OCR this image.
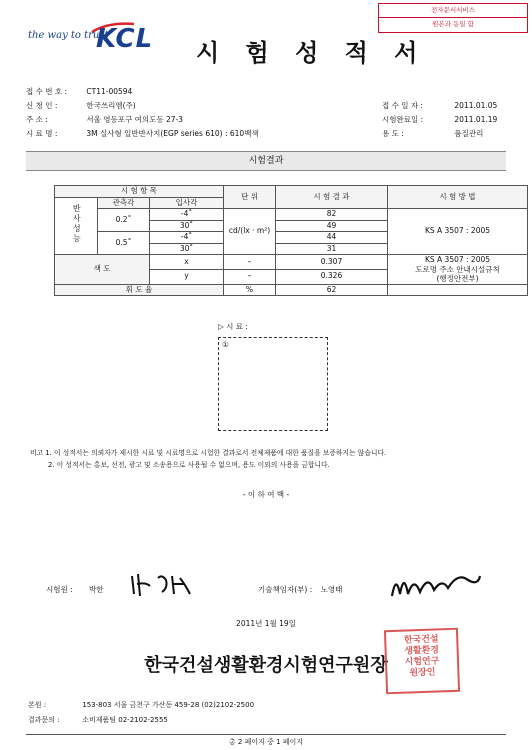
전자문서서비스
원본과 동일 함
the way to trust
KCL 시 험 성 적 서
접 수 번 호 :	CT11-00594
신 청 인 :	한국쓰리엠(주)
주 소 :	서울 영등포구 여의도동 27-3
시 료 명 :	3M 실사형 일반반사지(EGP series 610) : 610백색
접 수 일 자 :	2011.01.05
시험완료일 :	2011.01.19
용 도 :	품질관리
시험결과
시 험 항 목			단 위	시 험 결 과	시 험 방 법
반사성능	관측각	입사각			
	0.2˚	-4˚	cd/(lx · m²)	82	KS A 3507 : 2005
		30˚		49	
	0.5˚	-4˚		44	
		30˚		31	
색 도		x	–	0.307	KS A 3507 : 2005
도로명 주소 안내시설규칙
(행정안전부)

		y	–	0.326	
휘 도 율			%	62	
▷ 시 료 :
①
비고 1. 이 성적서는 의뢰자가 제시한 시료 및 시료명으로 시험한 결과로서 전체제품에 대한 품질을 보증하지는 않습니다.
2. 이 성적서는 홍보, 선전, 광고 및 소송용으로 사용될 수 없으며, 용도 이외의 사용을 금합니다.
- 이 하 여 백 -
시험원 : 박한	기술책임자(부) : 노영태
2011년 1월 19일
한국건설생활환경시험연구원장
한국건설
생활환경
시험연구
원장인
본원 :	153-803 서울 금천구 가산동 459-28 (02)2102-2500
결과문의 :	소비제품팀 02-2102-2555
총 2 페이지 중 1 페이지
